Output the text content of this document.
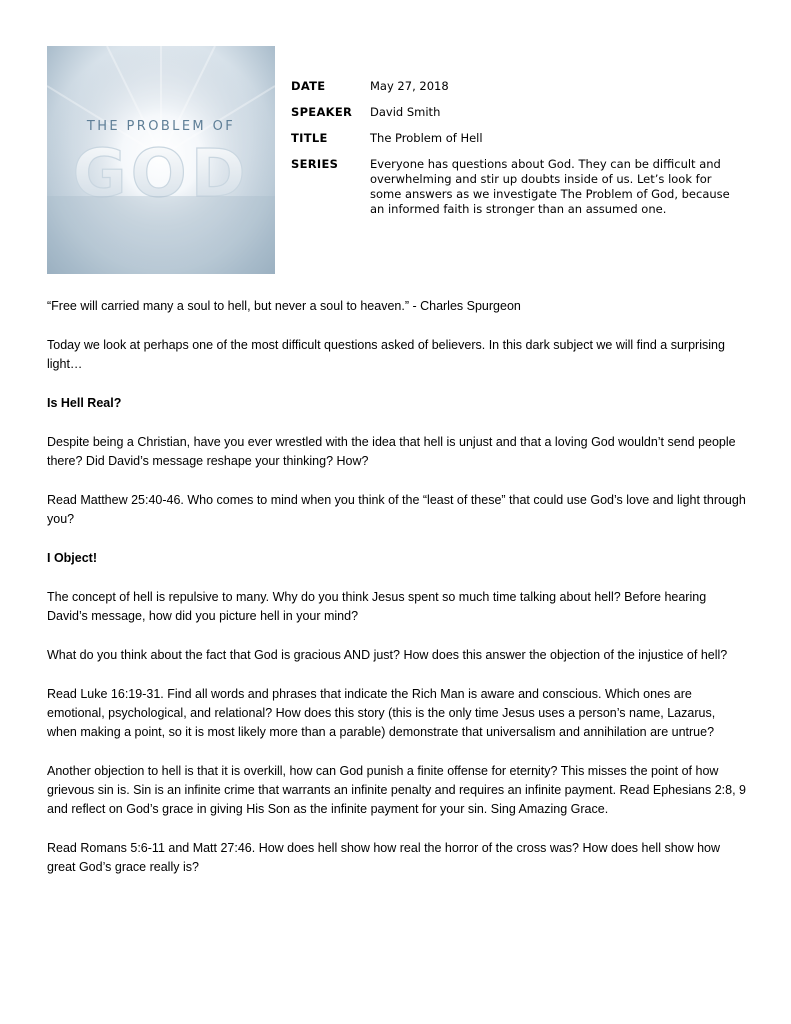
GOD
THE PROBLEM OF
DATE	May 27, 2018
SPEAKER	David Smith
TITLE	The Problem of Hell
SERIES	Everyone has questions about God. They can be difficult and overwhelming and stir up doubts inside of us. Let’s look for some answers as we investigate The Problem of God, because an informed faith is stronger than an assumed one.

“Free will carried many a soul to hell, but never a soul to heaven.” - Charles Spurgeon

Today we look at perhaps one of the most difficult questions asked of believers. In this dark subject we will find a surprising light…

Is Hell Real?

Despite being a Christian, have you ever wrestled with the idea that hell is unjust and that a loving God wouldn’t send people there? Did David’s message reshape your thinking? How?

Read Matthew 25:40-46. Who comes to mind when you think of the “least of these” that could use God’s love and light through you?

I Object!

The concept of hell is repulsive to many. Why do you think Jesus spent so much time talking about hell? Before hearing David’s message, how did you picture hell in your mind?

What do you think about the fact that God is gracious AND just? How does this answer the objection of the injustice of hell?

Read Luke 16:19-31. Find all words and phrases that indicate the Rich Man is aware and conscious. Which ones are emotional, psychological, and relational? How does this story (this is the only time Jesus uses a person’s name, Lazarus, when making a point, so it is most likely more than a parable) demonstrate that universalism and annihilation are untrue?

Another objection to hell is that it is overkill, how can God punish a finite offense for eternity? This misses the point of how grievous sin is. Sin is an infinite crime that warrants an infinite penalty and requires an infinite payment. Read Ephesians 2:8, 9 and reflect on God’s grace in giving His Son as the infinite payment for your sin. Sing Amazing Grace.

Read Romans 5:6-11 and Matt 27:46. How does hell show how real the horror of the cross was? How does hell show how great God’s grace really is?
